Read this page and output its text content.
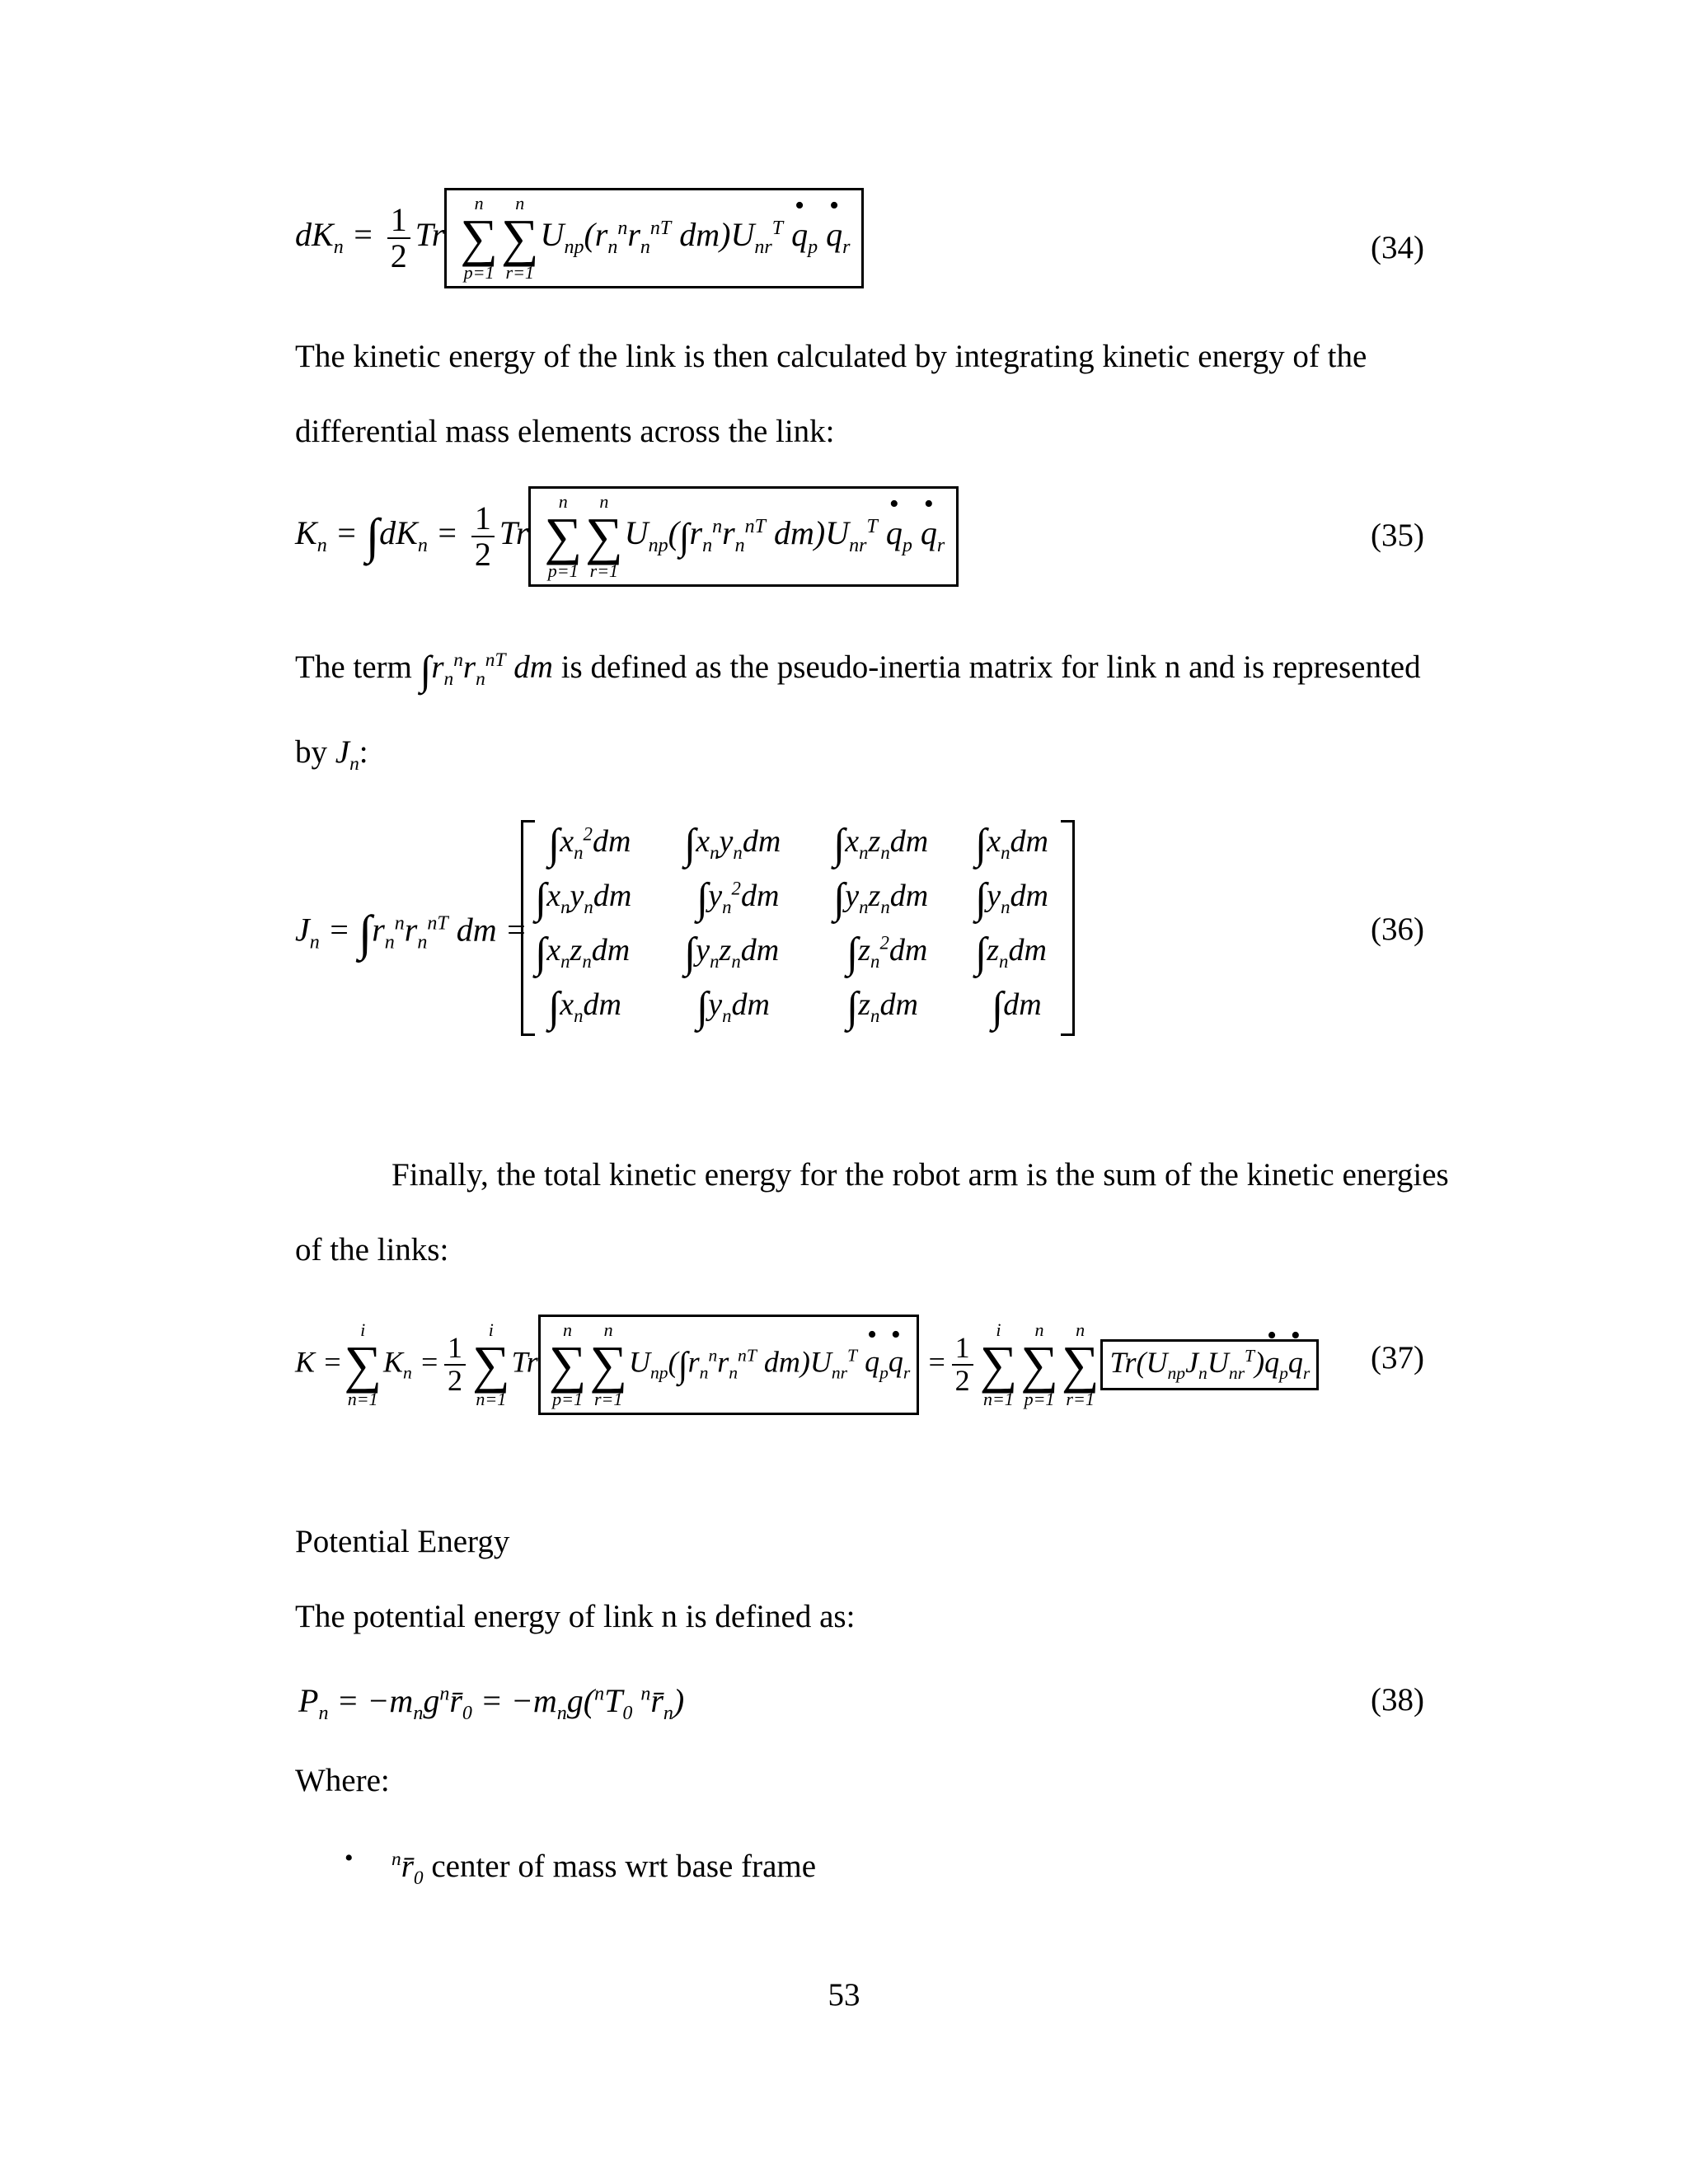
$dK_n = \frac{1}{2}$ Tr
n
∑
p=1
n
∑
r=1
$U_{np}(r_n^nr_n^{nT}$ $dm)U_{nr}^T$ • $q_p$ • $q_r$	(34)
The kinetic energy of the link is then calculated by integrating kinetic energy of the
differential mass elements across the link:
$K_n = \int dK_n = \frac{1}{2}$ Tr
n
∑
p=1
n
∑
r=1
$U_{np}(\int r_n^nr_n^{nT}$ $dm)U_{nr}^T$ • $q_p$ • $q_r$	(35)
The term $\int r_n^nr_n^{nT}$ dm is defined as the pseudo-inertia matrix for link n and is represented
by $J_n$:
$J_n = \int r_n^nr_n^{nT}$ dm =
$\int x_n^2dm$ $\int x_ny_ndm$ $\int x_nz_ndm$ $\int x_ndm$
$\int x_ny_ndm$ $\int y_n^2dm$ $\int y_nz_ndm$ $\int y_ndm$
$\int x_nz_ndm$ $\int y_nz_ndm$ $\int z_n^2dm$ $\int z_ndm$
$\int x_ndm$ $\int y_ndm$ $\int z_ndm$ ∫dm
(36)
Finally, the total kinetic energy for the robot arm is the sum of the kinetic energies
of the links:
K =
i
∑
n=1
$K_n = \frac{1}{2}$
i
∑
n=1
Tr
n
∑
p=1
n
∑
r=1
$U_{np}(\int r_n^nr_n^{nT}$ $dm)U_{nr}^T$ • $q_p•$ $q_r = \frac{1}{2}$
i
∑
n=1
n
∑
p=1
n
∑
r=1
$Tr(U_{np}J_nU_{nr}^T)•$ $q_p•$ $q_r$ (37)
Potential Energy
The potential energy of link n is defined as:
$P_n$ = $-m_ng^nr̄_0 = -m_ng(^nT_0$ $^nr̄_n$)	(38)
Where:
• $^nr̄_0$ center of mass wrt base frame
53
